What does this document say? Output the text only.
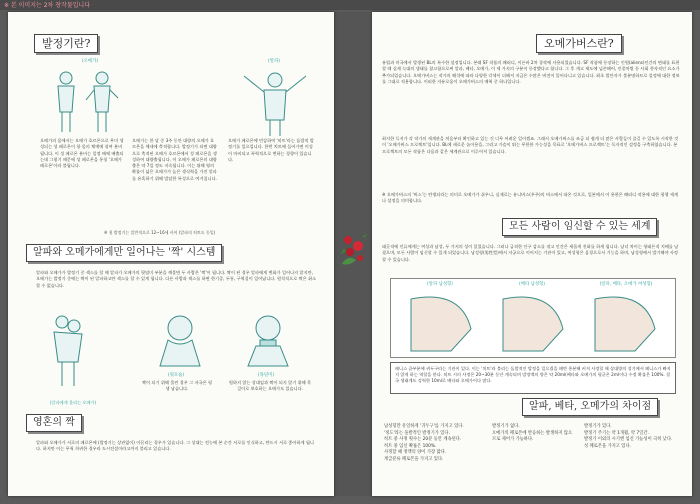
※ 본 이미지는 2차 창작물입니다
발정기란?
(오메가)	(알파)
오메가의 몸에서는 오메가 호르몬으로 무미 생성되는 성 페로몬이 항 몸의 체액에 섞여 분비됩니다. 이 성 페로몬 분비는 일정 때에 배출되는데 그렇기 때문에 성 페로몬을 통칭 '오메가 페로몬'이라 불립니다.
오메가는 한 달 중 3주 동안 대량의 오메가 호르몬을 체내에 축적합니다. 발정기가 되면 대량으로 축적된 오메가 호르몬에서 성 페로몬을 생성하여 대량출됩니다. 이 오메가 페로몬의 대량출은 약 7일 정도 지속됩니다. 이는 튀해 영의 확률이 넓은 오메가가 높은 생식력을 가진 알파를 유혹하기 위해 발달한 특성으로 여겨집니다.
오메가 페로몬에 민감하여 '히트'라는 돌발적 발정기를 일으킵니다. 한번 치트에 들어가면 이성이 마비되고 폭력적으로 변하는 경향이 있습니다.
※ 첫 발정기는 일반적으로 12~16세 사이 (알파의 히트도 동일)
알파와 오메가에게만 일어나는 '짝' 시스템
알파와 오메가가 발정기 중 섹스를 할 때 알파가 오메가의 뒷덜미 부분을 깨물면 두 사람은 '짝'이 됩니다. 짝이 된 경우 알파에게 변화가 일어나지 않지만, 오메가는 발정기 중에는 짝이 된 알파하고만 섹스를 할 수 있게 됩니다. 다른 사람과 섹스를 하면 한기증, 두통, 구역질이 일어납니다. 원칙적으로 짝은 취소할 수 없습니다.
(알파에게 물리는 오메가)
(뒷모습)	(목덜미)
짝이 되기 위해 물린 경우 그 자국은 평생 남습니다.
원하지 않는 상대임과 짝이 되지 않기 위해 목걸이로 보호하는 오메가도 있습니다.
영혼의 짝
알파와 오메가가 서로의 페로몬에 (발정기는 상관없이) 이끌리는 경우가 있습니다. 그 상대는 전능에 본 순간 서로를 인식하고, 만드시 서로 좋아하게 됩니다. 하지만 이는 무척 희귀한 경우라 도시전설이라고까지 불리고 있습니다.
오메가버스란?
유럽과 미국에서 발생된 BL의 특수한 설정입니다. 본래 SF 작품의 패러디, 이른바 2차 창작에 사용되었습니다. SF 작품에 등장하는 인원(aliens)인간의 면태를 표현할 때 실제 늑대의 생태를 참고함으로써 알파, 베타, 오메가, 이 세 가지의 구분이 등장했다고 합니다. 그 후 개고 제도에 넘존해어, 인종차별 등 사회 풍자적인 요소가 추가되었습니다. 오메가버스는 작가의 해석에 따라 다양한 각색이 더해져 지금은 수많은 버전이 뜰어다니고 있습니다. 최초 발안자가 불분명하므로 설정에 대한 정보를 그대로 적용합니다. 이러한 자유로움이 오메가버스의 매력 중 하나입니다.
최저한 득저가 각 작가의 세계관을 처음부터 확인하고 있는 건 너무 어려운 일이겠죠. 그래서 오메가버스를 조금 더 쉽게 더 많은 사람들이 즐길 수 있도록 시작한 것이 '오메가버스 프로젝트'입니다. BL에 새로운 놀이용을, 그리고 가슴이 뛰는 무한한 가능성을 목표로 '오메가버스 프로젝트'는 독자적인 설정을 구축하였습니다. 본 프로젝트의 모든 작품은 다음과 같은 세계관으로 이루어져 있습니다.
※ 오메가버스의 '버스'는 탄생되라는 의미로 오메가가 쉬우니, 실제로는 유니버스(우주)의 버스에서 따온 것으로, 일본에서 이 용편은 패러디 작용에 대한 평행 세계나 설정을 의미합니다.
모든 사람이 임신할 수 있는 세계
태곳적에 인류에게는 여성과 남성, 두 가지의 성이 있었습니다. 그러나 급격한 인구 감소를 겪고 인간은 새롭게 진화를 하게 됩니다. 남녀 차이는 형태론적 지배를 남겼으며, 모든 사람이 임신할 수 있게 되었습니다. 남성형(男性型)에서 자궁으로 이어지는 기관이 있고, 여성형은 음경으로서 기능을 하며, 남성형에서 발기해야 사정할 수 있습니다.
(알파 남성형)	(베타 남성형)	(알파, 베타, 오메가 여성형)
페니스 끝부분에 귀두구라는 기관이 있다. 이는 '치트'라 불리는 돌발적인 발정을 일으켰을 때만 흥분해 커져 사정할 때 상대방의 성기에서 페니스가 빠지지 않게 하는 역할을 한다. 히트 시의 사정은 20~30분 동안 계속되며 발정액의 양은 약 20ml(베타와 오메가의 평균은 2ml이다 수정 확률은 100%. 결국 생태계도 강력한 10ml로 베타와 오메가이다 많다.
알파, 베타, 오메가의 차이점
남성형만 유일하게 '귀두구'를 가지고 있다.
'정도'라는 돌발적인 발정기가 있다.
히트 중 사정 횟수는 20분 동안 계속된다.
히트 중 임신 확률은 100%.
사정할 때 정액의 양이 가장 많다.
계급분류 페로몬을 가지고 있다.
발정기가 없다.
오메가의 페로몬에 반응하는 발생하지 않으므로 제어가 가능하다.
발정기가 있다.
발정기 주기는 약 1개월, 약 7일간.
발정기 이외의 시기엔 임신 가능성이 극히 낮다.
성 페로몬을 가지고 있다.
